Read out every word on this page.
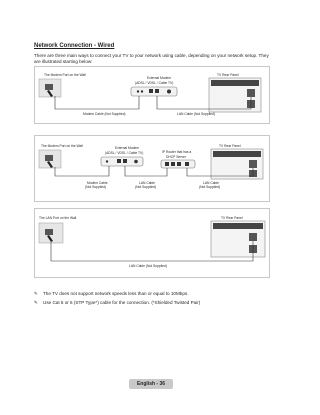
Network Connection - Wired
There are three main ways to connect your TV to your network using cable, depending on your network setup. They are illustrated starting below:
The Modem Port on the Wall
External Modem
(ADSL / VDSL / Cable TV)
TV Rear Panel
Modem Cable (Not Supplied)	LAN Cable (Not Supplied)
The Modem Port on the Wall	External Modem
(ADSL / VDSL / Cable TV)	IP Router that has a
DHCP Server
TV Rear Panel
Modem Cable
(Not Supplied)
LAN Cable
(Not Supplied)
LAN Cable
(Not Supplied)
The LAN Port on the Wall	TV Rear Panel
LAN Cable (Not Supplied)
✎	The TV does not support network speeds less than or equal to 10Mbps.
✎	Use Cat 5 or 6 (STP Type*) cable for the connection. (*Shielded Twisted Pair)
English - 36
